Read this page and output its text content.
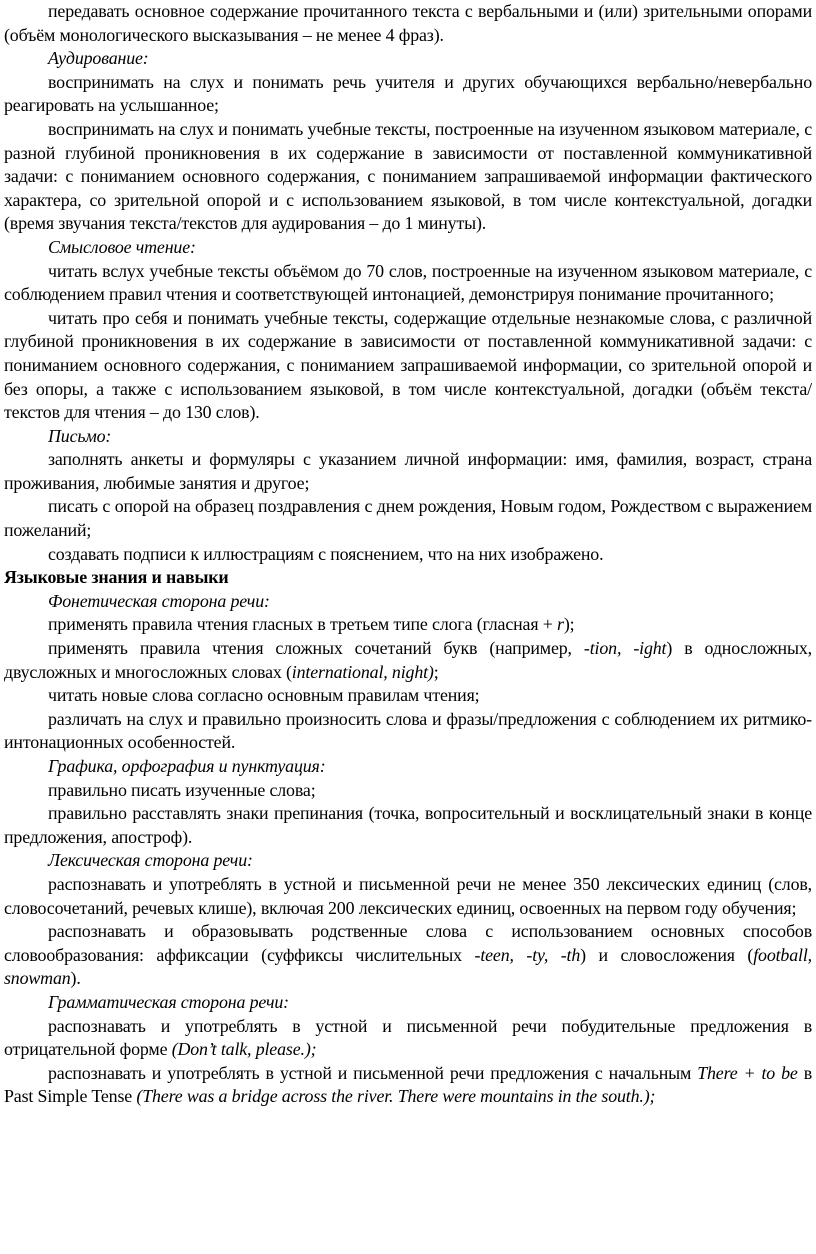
передавать основное содержание прочитанного текста с вербальными и (или) зрительными опорами (объём монологического высказывания – не менее 4 фраз).

Аудирование:

воспринимать на слух и понимать речь учителя и других обучающихся вербально/невербально реагировать на услышанное;

воспринимать на слух и понимать учебные тексты, построенные на изученном языковом материале, с разной глубиной проникновения в их содержание в зависимости от поставленной коммуникативной задачи: с пониманием основного содержания, с пониманием запрашиваемой информации фактического характера, со зрительной опорой и с использованием языковой, в том числе контекстуальной, догадки (время звучания текста/текстов для аудирования – до 1 минуты).

Смысловое чтение:

читать вслух учебные тексты объёмом до 70 слов, построенные на изученном языковом материале, с соблюдением правил чтения и соответствующей интонацией, демонстрируя понимание прочитанного;

читать про себя и понимать учебные тексты, содержащие отдельные незнакомые слова, с различной глубиной проникновения в их содержание в зависимости от поставленной коммуникативной задачи: с пониманием основного содержания, с пониманием запрашиваемой информации, со зрительной опорой и без опоры, а также с использованием языковой, в том числе контекстуальной, догадки (объём текста/текстов для чтения – до 130 слов).

Письмо:

заполнять анкеты и формуляры с указанием личной информации: имя, фамилия, возраст, страна проживания, любимые занятия и другое;

писать с опорой на образец поздравления с днем рождения, Новым годом, Рождеством с выражением пожеланий;

создавать подписи к иллюстрациям с пояснением, что на них изображено.

Языковые знания и навыки

Фонетическая сторона речи:

применять правила чтения гласных в третьем типе слога (гласная + r);

применять правила чтения сложных сочетаний букв (например, -tion, -ight) в односложных, двусложных и многосложных словах (international, night);

читать новые слова согласно основным правилам чтения;

различать на слух и правильно произносить слова и фразы/предложения с соблюдением их ритмико-интонационных особенностей.

Графика, орфография и пунктуация:

правильно писать изученные слова;

правильно расставлять знаки препинания (точка, вопросительный и восклицательный знаки в конце предложения, апостроф).

Лексическая сторона речи:

распознавать и употреблять в устной и письменной речи не менее 350 лексических единиц (слов, словосочетаний, речевых клише), включая 200 лексических единиц, освоенных на первом году обучения;

распознавать и образовывать родственные слова с использованием основных способов словообразования: аффиксации (суффиксы числительных -teen, -ty, -th) и словосложения (football, snowman).

Грамматическая сторона речи:

распознавать и употреблять в устной и письменной речи побудительные предложения в отрицательной форме (Don’t talk, please.);

распознавать и употреблять в устной и письменной речи предложения с начальным There + to be в Past Simple Tense (There was a bridge across the river. There were mountains in the south.);
